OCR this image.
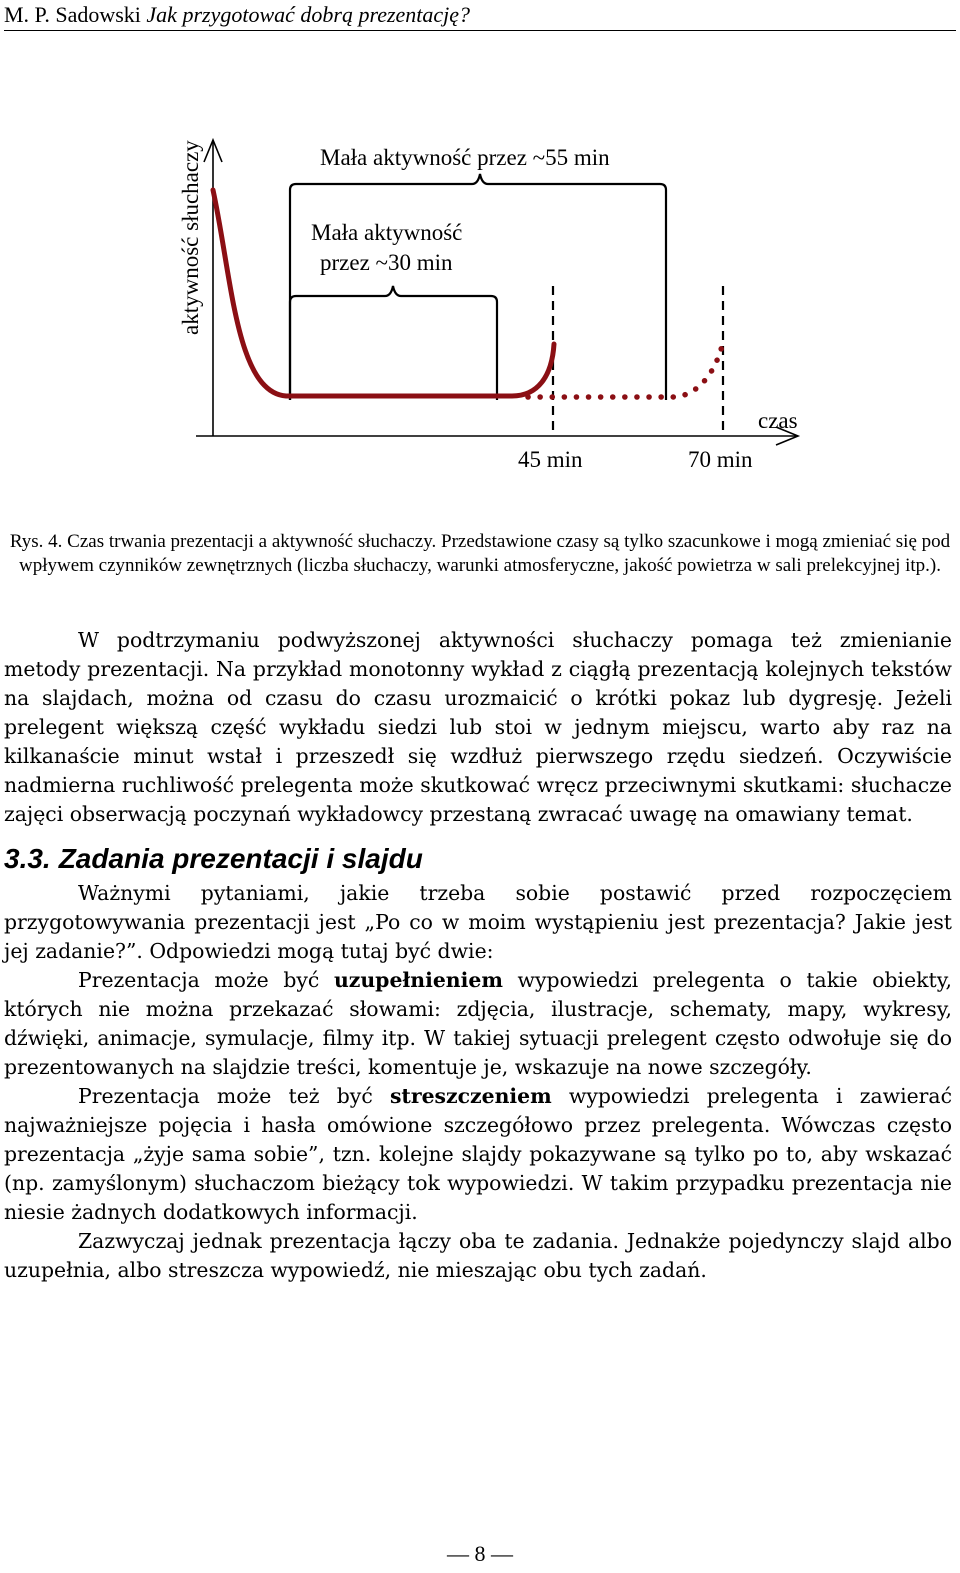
M. P. Sadowski Jak przygotować dobrą prezentację?
aktywność słuchaczy
czas
Mała aktywność przez ~55 min
Mała aktywność
przez ~30 min
45 min	70 min
Rys. 4. Czas trwania prezentacji a aktywność słuchaczy. Przedstawione czasy są tylko szacunkowe i mogą zmieniać się pod wpływem czynników zewnętrznych (liczba słuchaczy, warunki atmosferyczne, jakość powietrza w sali prelekcyjnej itp.).

W podtrzymaniu podwyższonej aktywności słuchaczy pomaga też zmienianie metody prezentacji. Na przykład monotonny wykład z ciągłą prezentacją kolejnych tekstów na slajdach, można od czasu do czasu urozmaicić o krótki pokaz lub dygresję. Jeżeli prelegent większą część wykładu siedzi lub stoi w jednym miejscu, warto aby raz na kilkanaście minut wstał i przeszedł się wzdłuż pierwszego rzędu siedzeń. Oczywiście nadmierna ruchliwość prelegenta może skutkować wręcz przeciwnymi skutkami: słuchacze zajęci obserwacją poczynań wykładowcy przestaną zwracać uwagę na omawiany temat.

3.3. Zadania prezentacji i slajdu

Ważnymi pytaniami, jakie trzeba sobie postawić przed rozpoczęciem przygotowywania prezentacji jest „Po co w moim wystąpieniu jest prezentacja? Jakie jest jej zadanie?”. Odpowiedzi mogą tutaj być dwie:

Prezentacja może być uzupełnieniem wypowiedzi prelegenta o takie obiekty, których nie można przekazać słowami: zdjęcia, ilustracje, schematy, mapy, wykresy, dźwięki, animacje, symulacje, filmy itp. W takiej sytuacji prelegent często odwołuje się do prezentowanych na slajdzie treści, komentuje je, wskazuje na nowe szczegóły.

Prezentacja może też być streszczeniem wypowiedzi prelegenta i zawierać najważniejsze pojęcia i hasła omówione szczegółowo przez prelegenta. Wówczas często prezentacja „żyje sama sobie”, tzn. kolejne slajdy pokazywane są tylko po to, aby wskazać (np. zamyślonym) słuchaczom bieżący tok wypowiedzi. W takim przypadku prezentacja nie niesie żadnych dodatkowych informacji.

Zazwyczaj jednak prezentacja łączy oba te zadania. Jednakże pojedynczy slajd albo uzupełnia, albo streszcza wypowiedź, nie mieszając obu tych zadań.

— 8 —
